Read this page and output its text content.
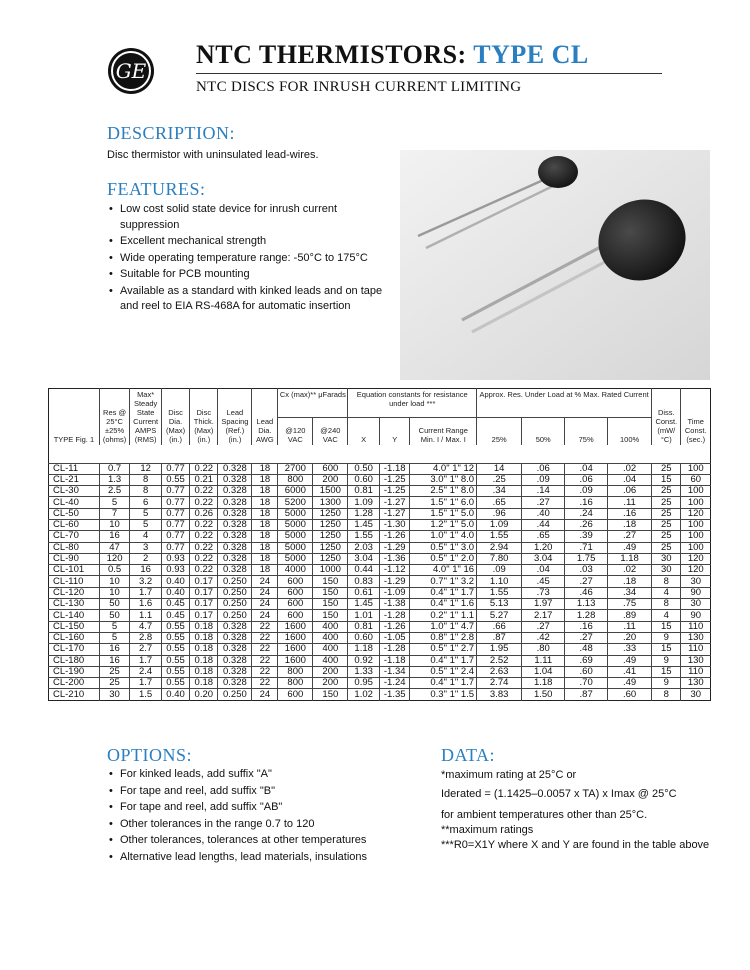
GE
NTC THERMISTORS: TYPE CL
NTC DISCS FOR INRUSH CURRENT LIMITING
DESCRIPTION:
Disc thermistor with uninsulated lead-wires.
FEATURES:
• Low cost solid state device for inrush current suppression
• Excellent mechanical strength
• Wide operating temperature range: -50°C to 175°C
• Suitable for PCB mounting
• Available as a standard with kinked leads and on tape and reel to EIA RS-468A for automatic insertion
TYPE Fig. 1	Res @ 25°C ±25% (ohms)	Max* Steady State Current AMPS (RMS)	Disc Dia. (Max) (in.)	Disc Thick. (Max) (in.)	Lead Spacing (Ref.) (in.)	Lead Dia. AWG	Cx (max)** μFarads		Equation constants for resistance under load ***			Approx. Res. Under Load at % Max. Rated Current				Diss. Const. (mW/°C)	Time Const. (sec.)
							@120 VAC	@240 VAC	X	Y	Current Range Min. I / Max. I	25%	50%	75%	100%		

CL-11	0.7	12	0.77	0.22	0.328	18	2700	600	0.50	-1.18	4.0" 1" 12	14	.06	.04	.02	25	100
CL-21	1.3	8	0.55	0.21	0.328	18	800	200	0.60	-1.25	3.0" 1" 8.0	.25	.09	.06	.04	15	60
CL-30	2.5	8	0.77	0.22	0.328	18	6000	1500	0.81	-1.25	2.5" 1" 8.0	.34	.14	.09	.06	25	100
CL-40	5	6	0.77	0.22	0.328	18	5200	1300	1.09	-1.27	1.5" 1" 6.0	.65	.27	.16	.11	25	100
CL-50	7	5	0.77	0.26	0.328	18	5000	1250	1.28	-1.27	1.5" 1" 5.0	.96	.40	.24	.16	25	120
CL-60	10	5	0.77	0.22	0.328	18	5000	1250	1.45	-1.30	1.2" 1" 5.0	1.09	.44	.26	.18	25	100
CL-70	16	4	0.77	0.22	0.328	18	5000	1250	1.55	-1.26	1.0" 1" 4.0	1.55	.65	.39	.27	25	100
CL-80	47	3	0.77	0.22	0.328	18	5000	1250	2.03	-1.29	0.5" 1" 3.0	2.94	1.20	.71	.49	25	100
CL-90	120	2	0.93	0.22	0.328	18	5000	1250	3.04	-1.36	0.5" 1" 2.0	7.80	3.04	1.75	1.18	30	120
CL-101	0.5	16	0.93	0.22	0.328	18	4000	1000	0.44	-1.12	4.0" 1" 16	.09	.04	.03	.02	30	120
CL-110	10	3.2	0.40	0.17	0.250	24	600	150	0.83	-1.29	0.7" 1" 3.2	1.10	.45	.27	.18	8	30
CL-120	10	1.7	0.40	0.17	0.250	24	600	150	0.61	-1.09	0.4" 1" 1.7	1.55	.73	.46	.34	4	90
CL-130	50	1.6	0.45	0.17	0.250	24	600	150	1.45	-1.38	0.4" 1" 1.6	5.13	1.97	1.13	.75	8	30
CL-140	50	1.1	0.45	0.17	0.250	24	600	150	1.01	-1.28	0.2" 1" 1.1	5.27	2.17	1.28	.89	4	90
CL-150	5	4.7	0.55	0.18	0.328	22	1600	400	0.81	-1.26	1.0" 1" 4.7	.66	.27	.16	.11	15	110
CL-160	5	2.8	0.55	0.18	0.328	22	1600	400	0.60	-1.05	0.8" 1" 2.8	.87	.42	.27	.20	9	130
CL-170	16	2.7	0.55	0.18	0.328	22	1600	400	1.18	-1.28	0.5" 1" 2.7	1.95	.80	.48	.33	15	110
CL-180	16	1.7	0.55	0.18	0.328	22	1600	400	0.92	-1.18	0.4" 1" 1.7	2.52	1.11	.69	.49	9	130
CL-190	25	2.4	0.55	0.18	0.328	22	800	200	1.33	-1.34	0.5" 1" 2.4	2.63	1.04	.60	.41	15	110
CL-200	25	1.7	0.55	0.18	0.328	22	800	200	0.95	-1.24	0.4" 1" 1.7	2.74	1.18	.70	.49	9	130
CL-210	30	1.5	0.40	0.20	0.250	24	600	150	1.02	-1.35	0.3" 1" 1.5	3.83	1.50	.87	.60	8	30
OPTIONS:
• For kinked leads, add suffix "A"
• For tape and reel, add suffix "B"
• For tape and reel, add suffix "AB"
• Other tolerances in the range 0.7 to 120
• Other tolerances, tolerances at other temperatures
• Alternative lead lengths, lead materials, insulations
DATA:
*maximum rating at 25°C or
Iderated = (1.1425–0.0057 x TA) x Imax @ 25°C
for ambient temperatures other than 25°C.
**maximum ratings
***R0=X1Y where X and Y are found in the table above
